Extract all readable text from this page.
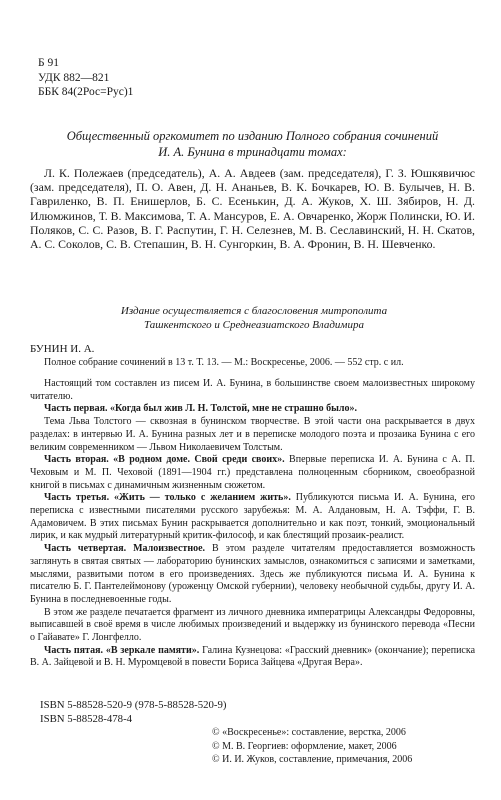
Б 91
УДК 882—821
ББК 84(2Рос=Рус)1
Общественный оргкомитет по изданию Полного собрания сочинений
И. А. Бунина в тринадцати томах:
Л. К. Полежаев (председатель), А. А. Авдеев (зам. председателя), Г. З. Юшкявичюс (зам. председателя), П. О. Авен, Д. Н. Ананьев, В. К. Бочкарев, Ю. В. Булычев, Н. В. Гавриленко, В. П. Енишерлов, Б. С. Есенькин, Д. А. Жуков, Х. Ш. Зябиров, Н. Д. Илюмжинов, Т. В. Максимова, Т. А. Мансуров, Е. А. Овчаренко, Жорж Полински, Ю. И. Поляков, С. С. Разов, В. Г. Распутин, Г. Н. Селезнев, М. В. Сеславинский, Н. Н. Скатов, А. С. Соколов, С. В. Степашин, В. Н. Сунгоркин, В. А. Фронин, В. Н. Шевченко.
Издание осуществляется с благословения митрополита
Ташкентского и Среднеазиатского Владимира
БУНИН И. А.
Полное собрание сочинений в 13 т. Т. 13. — М.: Воскресенье, 2006. — 552 стр. с ил.

Настоящий том составлен из писем И. А. Бунина, в большинстве своем малоизвестных широкому читателю.

Часть первая. «Когда был жив Л. Н. Толстой, мне не страшно было».

Тема Льва Толстого — сквозная в бунинском творчестве. В этой части она раскрывается в двух разделах: в интервью И. А. Бунина разных лет и в переписке молодого поэта и прозаика Бунина с его великим современником — Львом Николаевичем Толстым.

Часть вторая. «В родном доме. Свой среди своих». Впервые переписка И. А. Бунина с А. П. Чеховым и М. П. Чеховой (1891—1904 гг.) представлена полноценным сборником, своеобразной книгой в письмах с динамичным жизненным сюжетом.

Часть третья. «Жить — только с желанием жить». Публикуются письма И. А. Бунина, его переписка с известными писателями русского зарубежья: М. А. Алдановым, Н. А. Тэффи, Г. В. Адамовичем. В этих письмах Бунин раскрывается дополнительно и как поэт, тонкий, эмоциональный лирик, и как мудрый литературный критик-философ, и как блестящий прозаик-реалист.

Часть четвертая. Малоизвестное. В этом разделе читателям предоставляется возможность заглянуть в святая святых — лабораторию бунинских замыслов, ознакомиться с записями и заметками, мыслями, развитыми потом в его произведениях. Здесь же публикуются письма И. А. Бунина к писателю Б. Г. Пантелеймонову (уроженцу Омской губернии), человеку необычной судьбы, другу И. А. Бунина в последневоенные годы.

В этом же разделе печатается фрагмент из личного дневника императрицы Александры Федоровны, выписавшей в своё время в числе любимых произведений и выдержку из бунинского перевода «Песни о Гайавате» Г. Лонгфелло.

Часть пятая. «В зеркале памяти». Галина Кузнецова: «Грасский дневник» (окончание); переписка В. А. Зайцевой и В. Н. Муромцевой в повести Бориса Зайцева «Другая Вера».

ISBN 5-88528-520-9 (978-5-88528-520-9)
ISBN 5-88528-478-4
© «Воскресенье»: составление, верстка, 2006
© М. В. Георгиев: оформление, макет, 2006
© И. И. Жуков, составление, примечания, 2006
